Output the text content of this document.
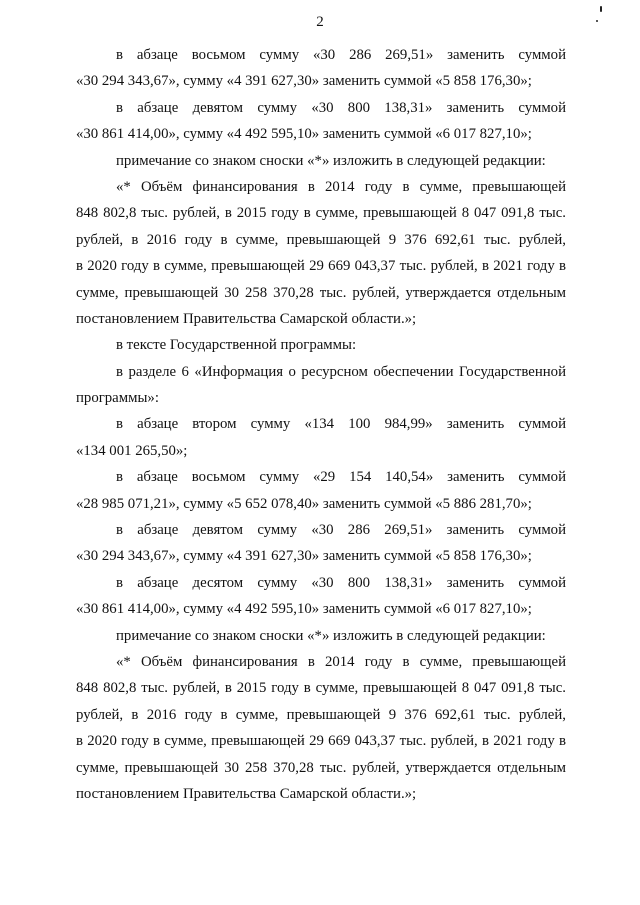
2
в абзаце восьмом сумму «30 286 269,51» заменить суммой
«30 294 343,67», сумму «4 391 627,30» заменить суммой «5 858 176,30»;
в абзаце девятом сумму «30 800 138,31» заменить суммой
«30 861 414,00», сумму «4 492 595,10» заменить суммой «6 017 827,10»;
примечание со знаком сноски «*» изложить в следующей редакции:
«* Объём финансирования в 2014 году в сумме, превышающей
848 802,8 тыс. рублей, в 2015 году в сумме, превышающей 8 047 091,8 тыс.
рублей, в 2016 году в сумме, превышающей 9 376 692,61 тыс. рублей,
в 2020 году в сумме, превышающей 29 669 043,37 тыс. рублей, в 2021 году в
сумме, превышающей 30 258 370,28 тыс. рублей, утверждается отдельным
постановлением Правительства Самарской области.»;
в тексте Государственной программы:
в разделе 6 «Информация о ресурсном обеспечении Государственной
программы»:
в абзаце втором сумму «134 100 984,99» заменить суммой
«134 001 265,50»;
в абзаце восьмом сумму «29 154 140,54» заменить суммой
«28 985 071,21», сумму «5 652 078,40» заменить суммой «5 886 281,70»;
в абзаце девятом сумму «30 286 269,51» заменить суммой
«30 294 343,67», сумму «4 391 627,30» заменить суммой «5 858 176,30»;
в абзаце десятом сумму «30 800 138,31» заменить суммой
«30 861 414,00», сумму «4 492 595,10» заменить суммой «6 017 827,10»;
примечание со знаком сноски «*» изложить в следующей редакции:
«* Объём финансирования в 2014 году в сумме, превышающей
848 802,8 тыс. рублей, в 2015 году в сумме, превышающей 8 047 091,8 тыс.
рублей, в 2016 году в сумме, превышающей 9 376 692,61 тыс. рублей,
в 2020 году в сумме, превышающей 29 669 043,37 тыс. рублей, в 2021 году в
сумме, превышающей 30 258 370,28 тыс. рублей, утверждается отдельным
постановлением Правительства Самарской области.»;
